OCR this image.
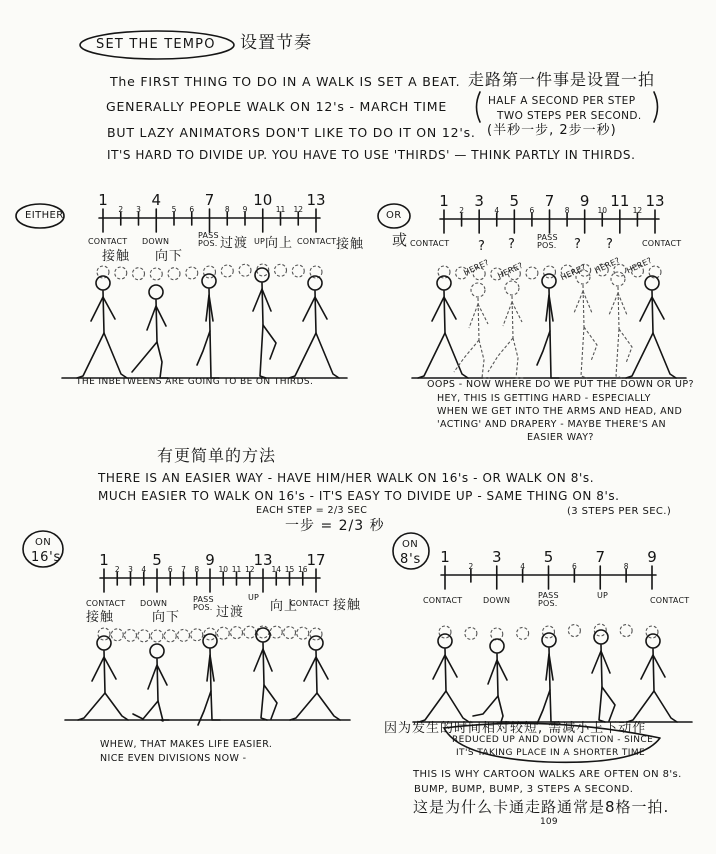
SET THE TEMPO 设置节奏
The FIRST THING TO DO IN A WALK IS SET A BEAT. 走路第一件事是设置一拍
GENERALLY PEOPLE WALK ON 12's - MARCH TIME	HALF A SECOND PER STEP
TWO STEPS PER SECOND.
BUT LAZY ANIMATORS DON'T LIKE TO DO IT ON 12's. (半秒一步, 2步一秒)
IT'S HARD TO DIVIDE UP. YOU HAVE TO USE 'THIRDS' — THINK PARTLY IN THIRDS.
EITHER
1
2	3
4
5	6
7
8	9
10
11	12
13
CONTACT DOWN
PASS POS.	UP	CONTACT
接触 向下
过渡 向上	接触
THE INBETWEENS ARE GOING TO BE ON THIRDS.
OR
或
1
2
3
4
5
6
7
8
9
10
11
12
13
CONTACT ? ?	PASS POS.	? ?	CONTACT
HERE? HERE?	HERE? HERE? HERE?
OOPS - NOW WHERE DO WE PUT THE DOWN OR UP?
HEY, THIS IS GETTING HARD - ESPECIALLY
WHEN WE GET INTO THE ARMS AND HEAD, AND
'ACTING' AND DRAPERY - MAYBE THERE'S AN
EASIER WAY?
有更简单的方法
THERE IS AN EASIER WAY - HAVE HIM/HER WALK ON 16's - OR WALK ON 8's.
MUCH EASIER TO WALK ON 16's - IT'S EASY TO DIVIDE UP - SAME THING ON 8's.
EACH STEP = 2/3 SEC
一步 = 2/3 秒
(3 STEPS PER SEC.)
ON
16's	1
2	3	4
5
6	7	8
9
10 11 12
13
14 15 16
17
CONTACT DOWN	PASS POS.
UP
CONTACT
接触	向下	过渡 向上	接触
WHEW, THAT MAKES LIFE EASIER.
NICE EVEN DIVISIONS NOW -
ON
8's	1
2
3
4
5
6
7
8
9
CONTACT	DOWN
PASS POS.
UP
CONTACT
因为发生的时间相对较短, 需减小上下动作
REDUCED UP AND DOWN ACTION - SINCE
IT'S TAKING PLACE IN A SHORTER TIME
THIS IS WHY CARTOON WALKS ARE OFTEN ON 8's.
BUMP, BUMP, BUMP, 3 STEPS A SECOND.
这是为什么卡通走路通常是8格一拍.
109
